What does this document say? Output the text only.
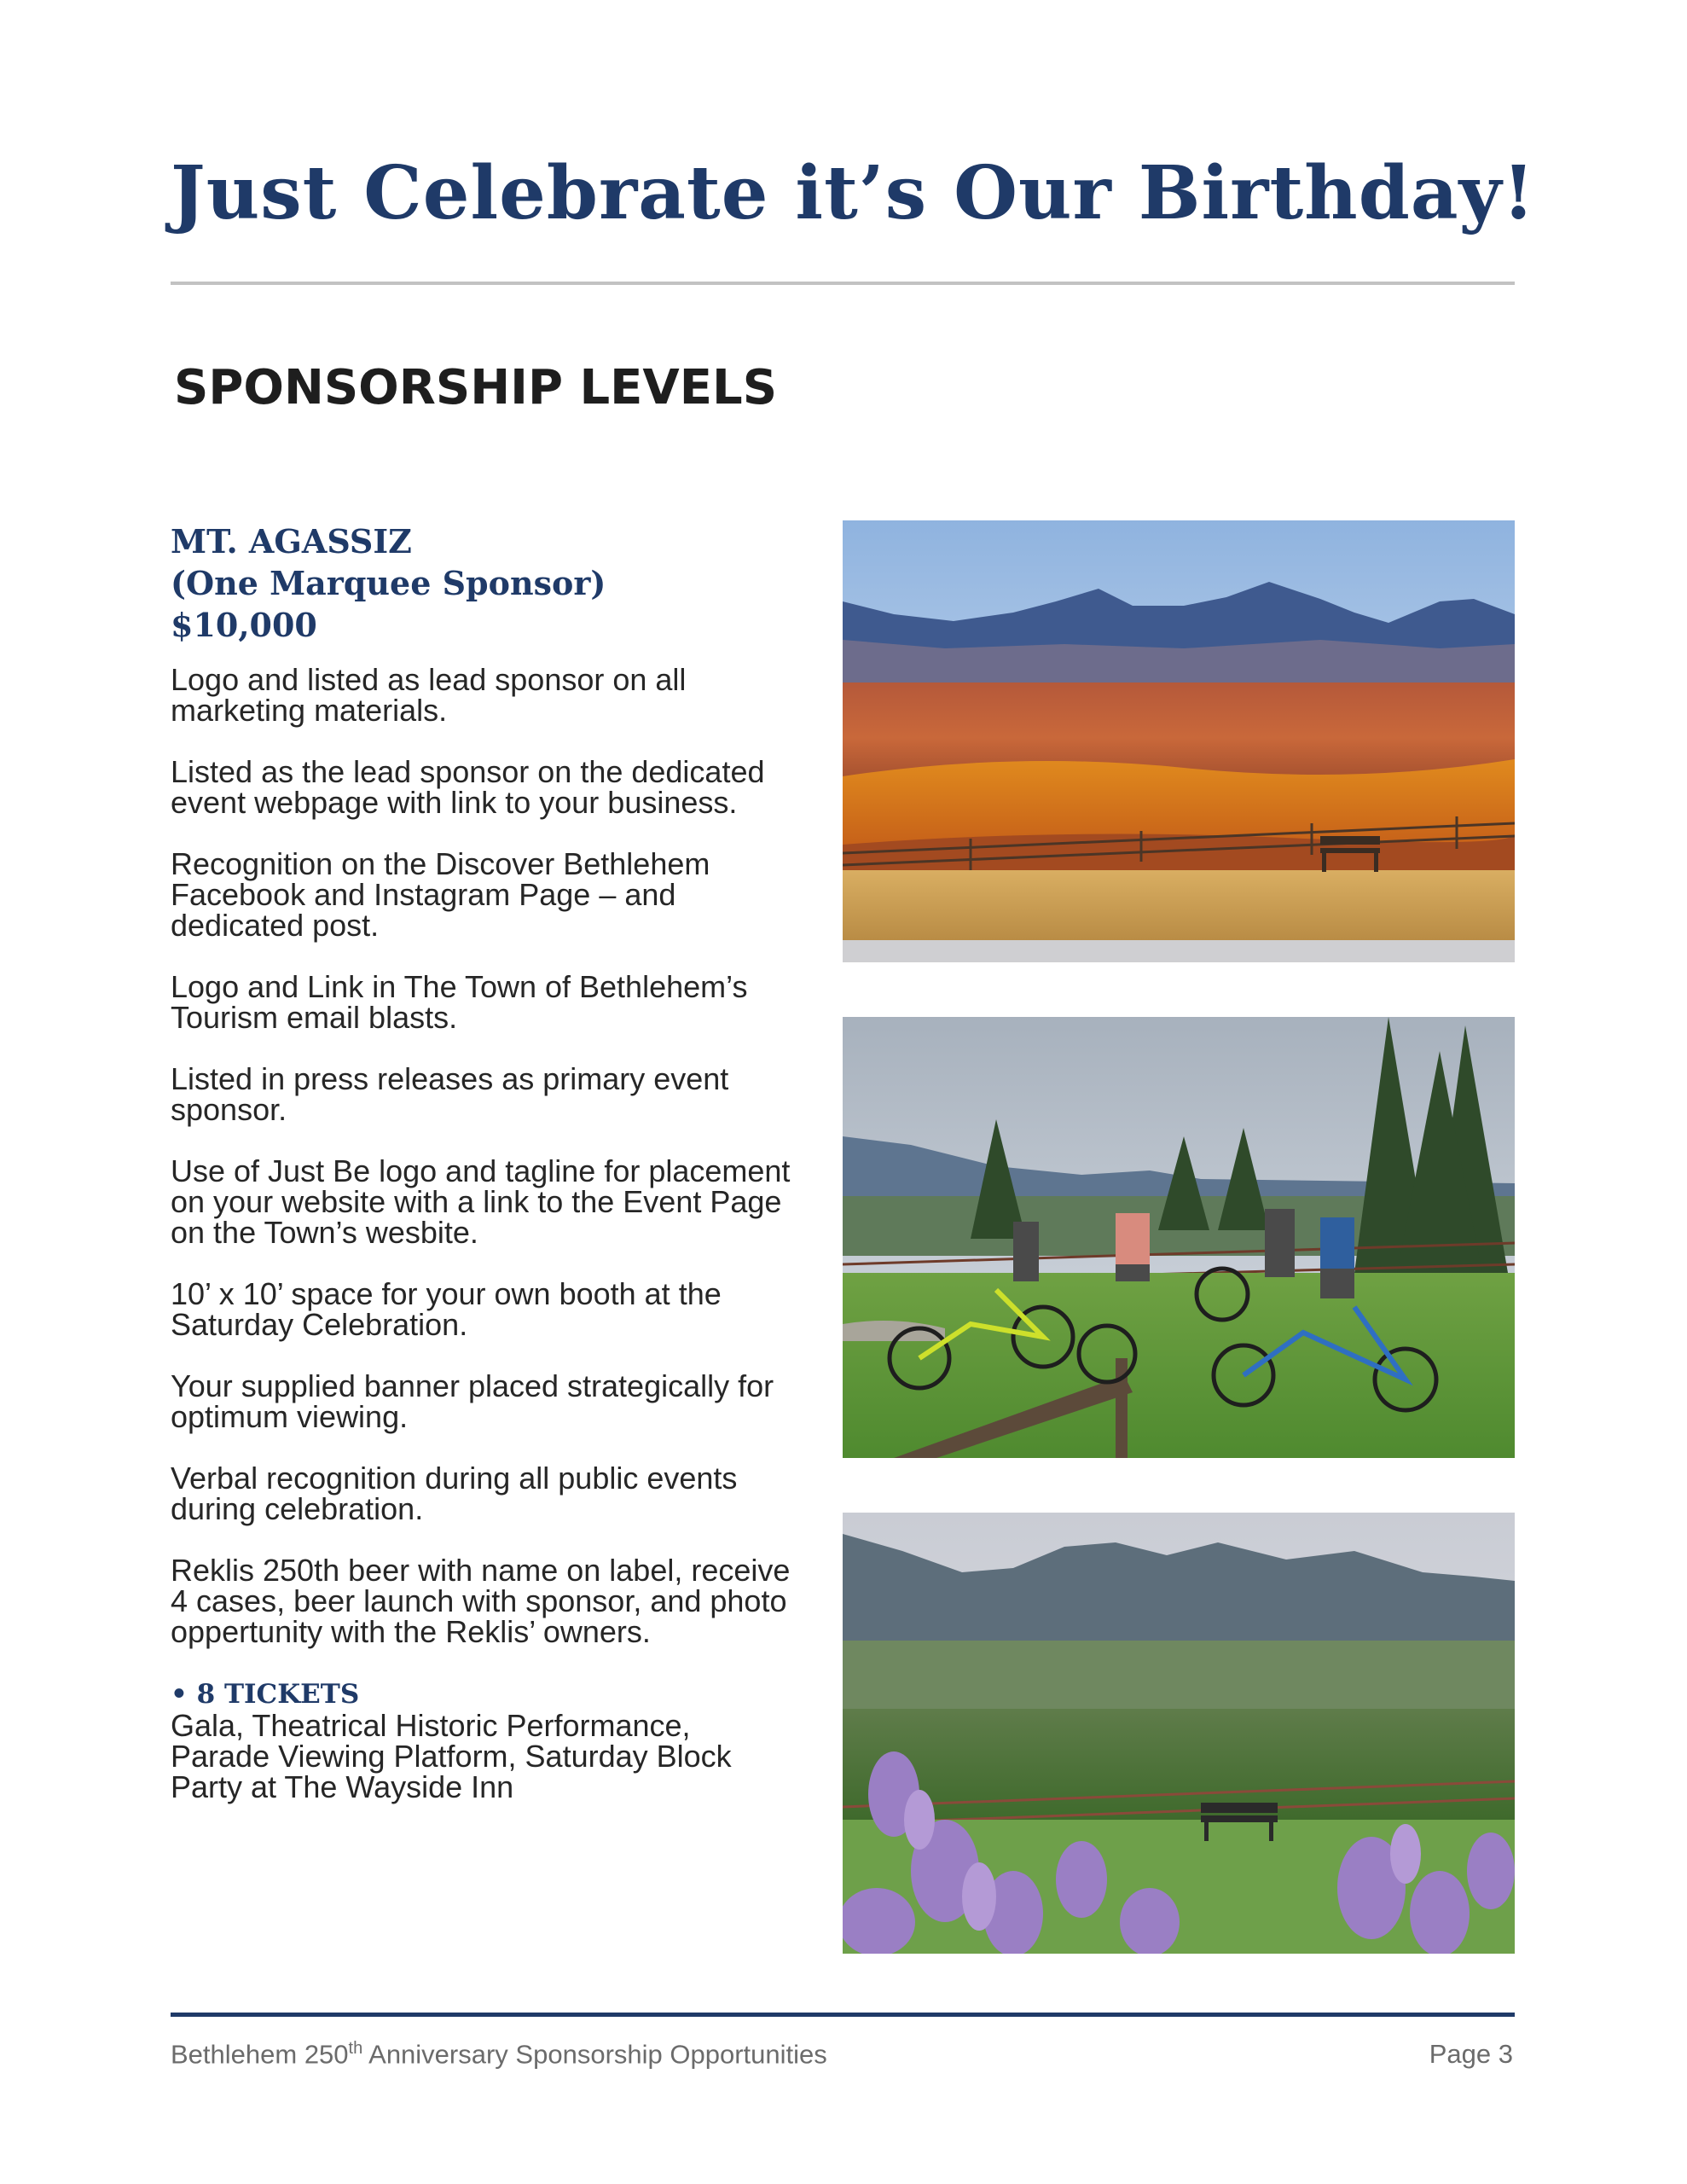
Just Celebrate it’s Our Birthday!
SPONSORSHIP LEVELS

MT. AGASSIZ

(One Marquee Sponsor)

$10,000

Logo and listed as lead sponsor on all marketing materials.

Listed as the lead sponsor on the dedicated event webpage with link to your business.

Recognition on the Discover Bethlehem Facebook and Instagram Page – and dedicated post.

Logo and Link in The Town of Bethlehem’s Tourism email blasts.

Listed in press releases as primary event sponsor.

Use of Just Be logo and tagline for placement on your website with a link to the Event Page on the Town’s wesbite.

10’ x 10’ space for your own booth at the Saturday Celebration.

Your supplied banner placed strategically for optimum viewing.

Verbal recognition during all public events during celebration.

Reklis 250th beer with name on label, receive 4 cases, beer launch with sponsor, and photo oppertunity with the Reklis’ owners.

• 8 TICKETS

Gala, Theatrical Historic Performance, Parade Viewing Platform, Saturday Block Party at The Wayside Inn

Bethlehem 250th Anniversary Sponsorship Opportunities	Page 3
